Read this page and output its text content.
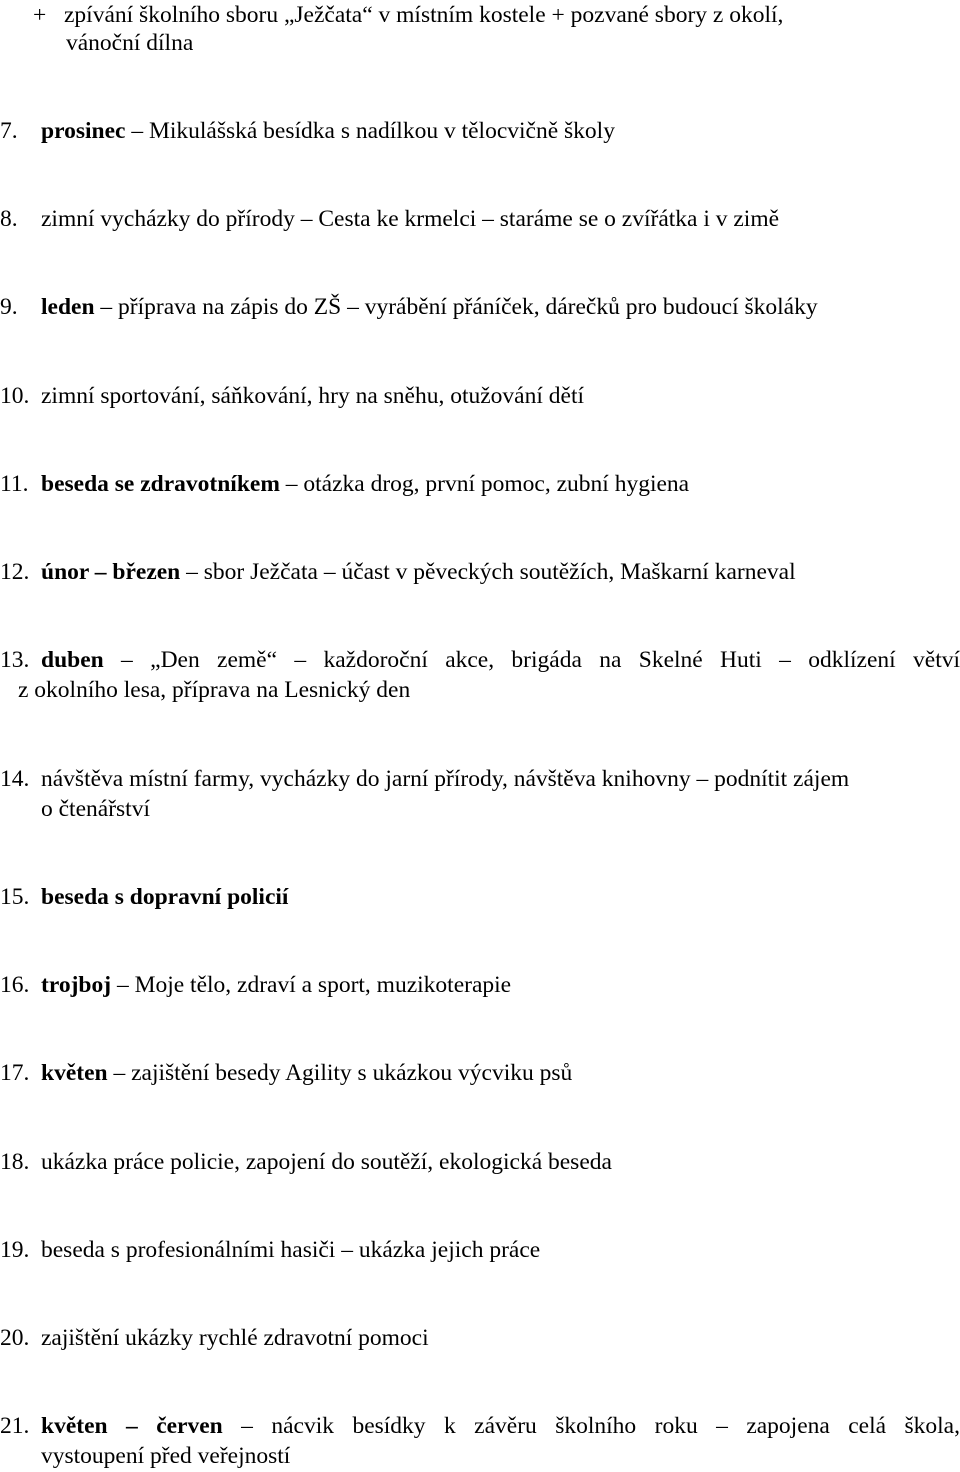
+ zpívání školního sboru „Ježčata“ v místním kostele + pozvané sbory z okolí,
vánoční dílna
7. prosinec – Mikulášská besídka s nadílkou v tělocvičně školy
8. zimní vycházky do přírody – Cesta ke krmelci – staráme se o zvířátka i v zimě
9. leden – příprava na zápis do ZŠ – vyrábění přáníček, dárečků pro budoucí školáky
10. zimní sportování, sáňkování, hry na sněhu, otužování dětí
11. beseda se zdravotníkem – otázka drog, první pomoc, zubní hygiena
12. únor – březen – sbor Ježčata – účast v pěveckých soutěžích, Maškarní karneval
13. duben – „Den země“ – každoroční akce, brigáda na Skelné Huti – odklízení větví
z okolního lesa, příprava na Lesnický den
14. návštěva místní farmy, vycházky do jarní přírody, návštěva knihovny – podnítit zájem
o čtenářství
15. beseda s dopravní policií
16. trojboj – Moje tělo, zdraví a sport, muzikoterapie
17. květen – zajištění besedy Agility s ukázkou výcviku psů
18. ukázka práce policie, zapojení do soutěží, ekologická beseda
19. beseda s profesionálními hasiči – ukázka jejich práce
20. zajištění ukázky rychlé zdravotní pomoci
21. květen – červen – nácvik besídky k závěru školního roku – zapojena celá škola,
vystoupení před veřejností
